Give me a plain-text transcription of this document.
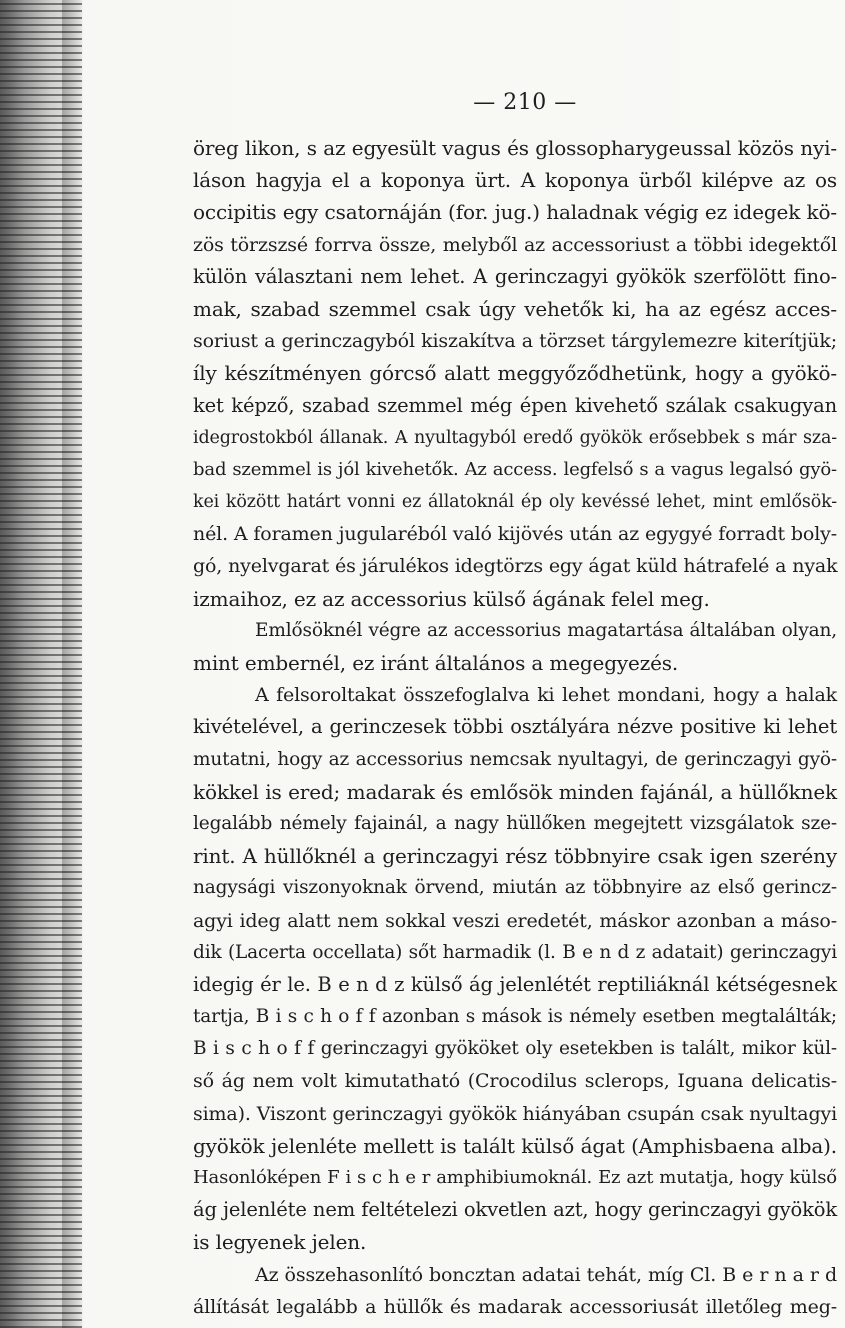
— 210 —
öreg likon, s az egyesült vagus és glossopharygeussal közös nyi-
láson hagyja el a koponya ürt. A koponya ürből kilépve az os
occipitis egy csatornáján (for. jug.) haladnak végig ez idegek kö-
zös törzszsé forrva össze, melyből az accessoriust a többi idegektől
külön választani nem lehet. A gerinczagyi gyökök szerfölött fino-
mak, szabad szemmel csak úgy vehetők ki, ha az egész acces-
soriust a gerinczagyból kiszakítva a törzset tárgylemezre kiterítjük;
íly készítményen górcső alatt meggyőződhetünk, hogy a gyökö-
ket képző, szabad szemmel még épen kivehető szálak csakugyan
idegrostokból állanak. A nyultagyból eredő gyökök erősebbek s már sza-
bad szemmel is jól kivehetők. Az access. legfelső s a vagus legalsó gyö-
kei között határt vonni ez állatoknál ép oly kevéssé lehet, mint emlősök-
nél. A foramen jugularéból való kijövés után az egygyé forradt boly-
gó, nyelvgarat és járulékos idegtörzs egy ágat küld hátrafelé a nyak
izmaihoz, ez az accessorius külső ágának felel meg.
Emlősöknél végre az accessorius magatartása általában olyan,
mint embernél, ez iránt általános a megegyezés.
A felsoroltakat összefoglalva ki lehet mondani, hogy a halak
kivételével, a gerinczesek többi osztályára nézve positive ki lehet
mutatni, hogy az accessorius nemcsak nyultagyi, de gerinczagyi gyö-
kökkel is ered; madarak és emlősök minden fajánál, a hüllőknek
legalább némely fajainál, a nagy hüllőken megejtett vizsgálatok sze-
rint. A hüllőknél a gerinczagyi rész többnyire csak igen szerény
nagysági viszonyoknak örvend, miután az többnyire az első gerincz-
agyi ideg alatt nem sokkal veszi eredetét, máskor azonban a máso-
dik (Lacerta occellata) sőt harmadik (l. B e n d z adatait) gerinczagyi
idegig ér le. B e n d z külső ág jelenlétét reptiliáknál kétségesnek
tartja, B i s c h o f f azonban s mások is némely esetben megtalálták;
B i s c h o f f gerinczagyi gyököket oly esetekben is talált, mikor kül-
ső ág nem volt kimutatható (Crocodilus sclerops, Iguana delicatis-
sima). Viszont gerinczagyi gyökök hiányában csupán csak nyultagyi
gyökök jelenléte mellett is talált külső ágat (Amphisbaena alba).
Hasonlóképen F i s c h e r amphibiumoknál. Ez azt mutatja, hogy külső
ág jelenléte nem feltételezi okvetlen azt, hogy gerinczagyi gyökök
is legyenek jelen.
Az összehasonlító boncztan adatai tehát, míg Cl. B e r n a r d
állítását legalább a hüllők és madarak accessoriusát illetőleg meg-
